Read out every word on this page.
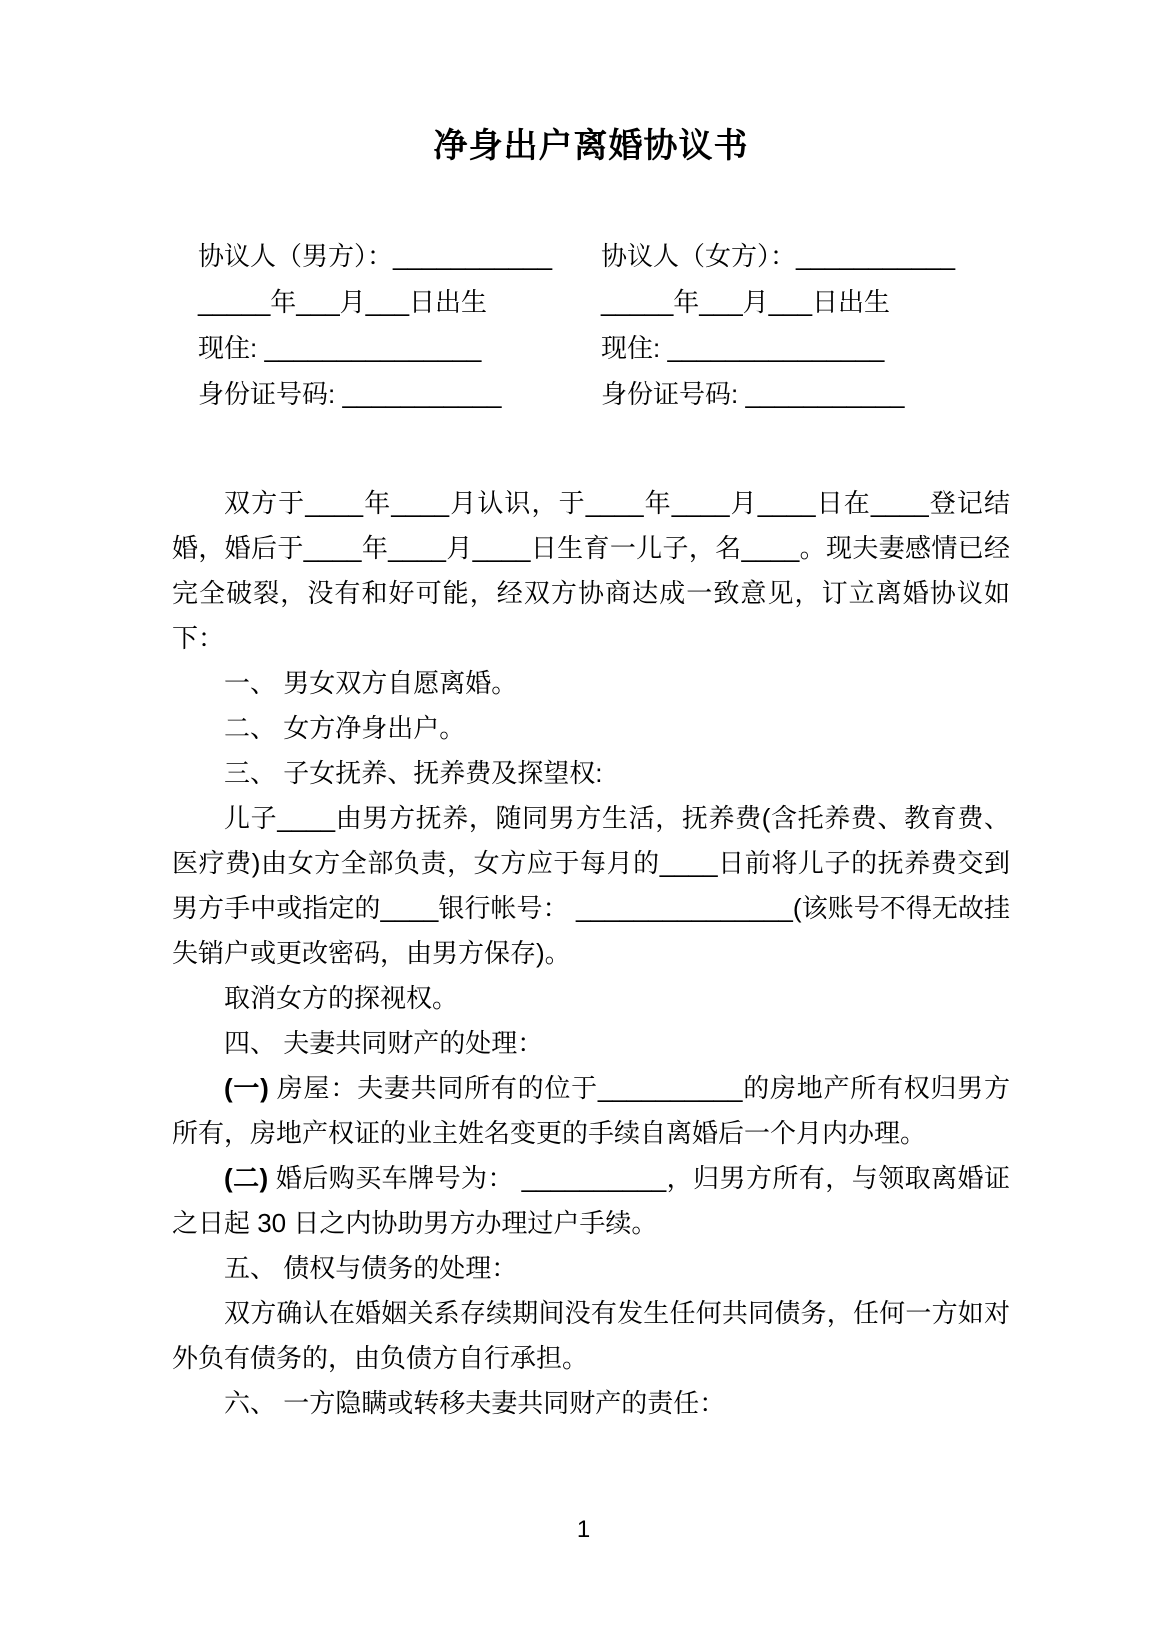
净身出户离婚协议书
协议人（男方）：___________
_____年___月___日出生
现住: _______________
身份证号码: ___________
协议人（女方）：___________
_____年___月___日出生
现住: _______________
身份证号码: ___________

双方于____年____月认识，于____年____月____日在____登记结婚，婚后于____年____月____日生育一儿子，名____。现夫妻感情已经完全破裂，没有和好可能，经双方协商达成一致意见，订立离婚协议如下：

一、 男女双方自愿离婚。

二、 女方净身出户。

三、 子女抚养、抚养费及探望权:

儿子____由男方抚养，随同男方生活，抚养费(含托养费、教育费、医疗费)由女方全部负责，女方应于每月的____日前将儿子的抚养费交到男方手中或指定的____银行帐号： _______________(该账号不得无故挂失销户或更改密码，由男方保存)。

取消女方的探视权。

四、 夫妻共同财产的处理：

(一) 房屋：夫妻共同所有的位于__________的房地产所有权归男方所有，房地产权证的业主姓名变更的手续自离婚后一个月内办理。

(二) 婚后购买车牌号为： __________，归男方所有，与领取离婚证之日起 30 日之内协助男方办理过户手续。

五、 债权与债务的处理：

双方确认在婚姻关系存续期间没有发生任何共同债务，任何一方如对外负有债务的，由负债方自行承担。

六、 一方隐瞒或转移夫妻共同财产的责任：

1
